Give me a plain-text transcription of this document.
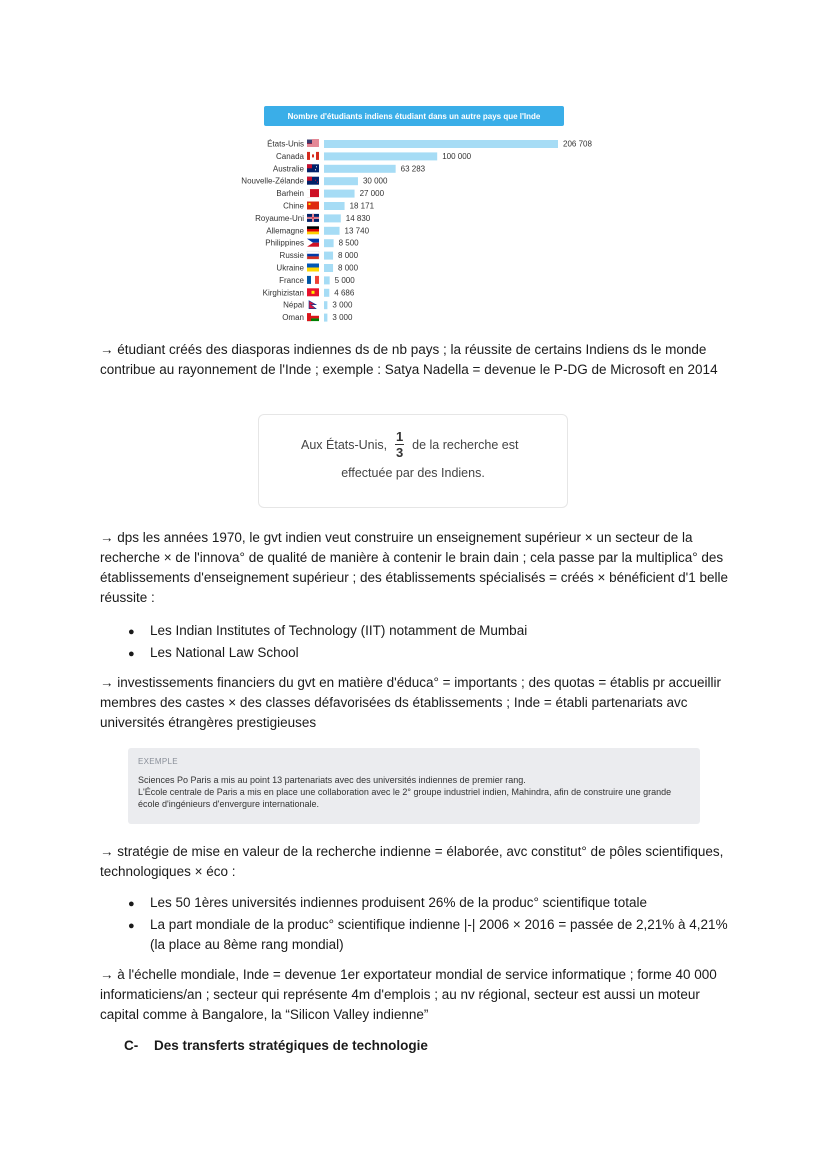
Nombre d'étudiants indiens étudiant dans un autre pays que l'Inde
États-Unis	206 708
Canada	100 000
Australie	63 283
Nouvelle-Zélande	30 000
Barhein	27 000
Chine	18 171
Royaume-Uni	14 830
Allemagne	13 740
Philippines	8 500
Russie	8 000
Ukraine	8 000
France	5 000
Kirghizistan	4 686
Népal	3 000
Oman	3 000
→ étudiant créés des diasporas indiennes ds de nb pays ; la réussite de certains Indiens ds le monde contribue au rayonnement de l'Inde ; exemple : Satya Nadella = devenue le P-DG de Microsoft en 2014
Aux États-Unis, $\frac{1}{3}$ de la recherche est
effectuée par des Indiens.
→ dps les années 1970, le gvt indien veut construire un enseignement supérieur × un secteur de la recherche × de l'innova° de qualité de manière à contenir le brain dain ; cela passe par la multiplica° des établissements d'enseignement supérieur ; des établissements spécialisés = créés × bénéficient d'1 belle réussite :
●	Les Indian Institutes of Technology (IIT) notamment de Mumbai
●	Les National Law School
→ investissements financiers du gvt en matière d'éduca° = importants ; des quotas = établis pr accueillir membres des castes × des classes défavorisées ds établissements ; Inde = établi partenariats avc universités étrangères prestigieuses
EXEMPLE
Sciences Po Paris a mis au point 13 partenariats avec des universités indiennes de premier rang.
L'École centrale de Paris a mis en place une collaboration avec le 2° groupe industriel indien, Mahindra, afin de construire une grande école d'ingénieurs d'envergure internationale.
→ stratégie de mise en valeur de la recherche indienne = élaborée, avc constitut° de pôles scientifiques, technologiques × éco :
●	Les 50 1ères universités indiennes produisent 26% de la produc° scientifique totale
●	La part mondiale de la produc° scientifique indienne |-| 2006 × 2016 = passée de 2,21% à 4,21% (la place au 8ème rang mondial)
→ à l'échelle mondiale, Inde = devenue 1er exportateur mondial de service informatique ; forme 40 000 informaticiens/an ; secteur qui représente 4m d'emplois ; au nv régional, secteur est aussi un moteur capital comme à Bangalore, la “Silicon Valley indienne”
C- Des transferts stratégiques de technologie
